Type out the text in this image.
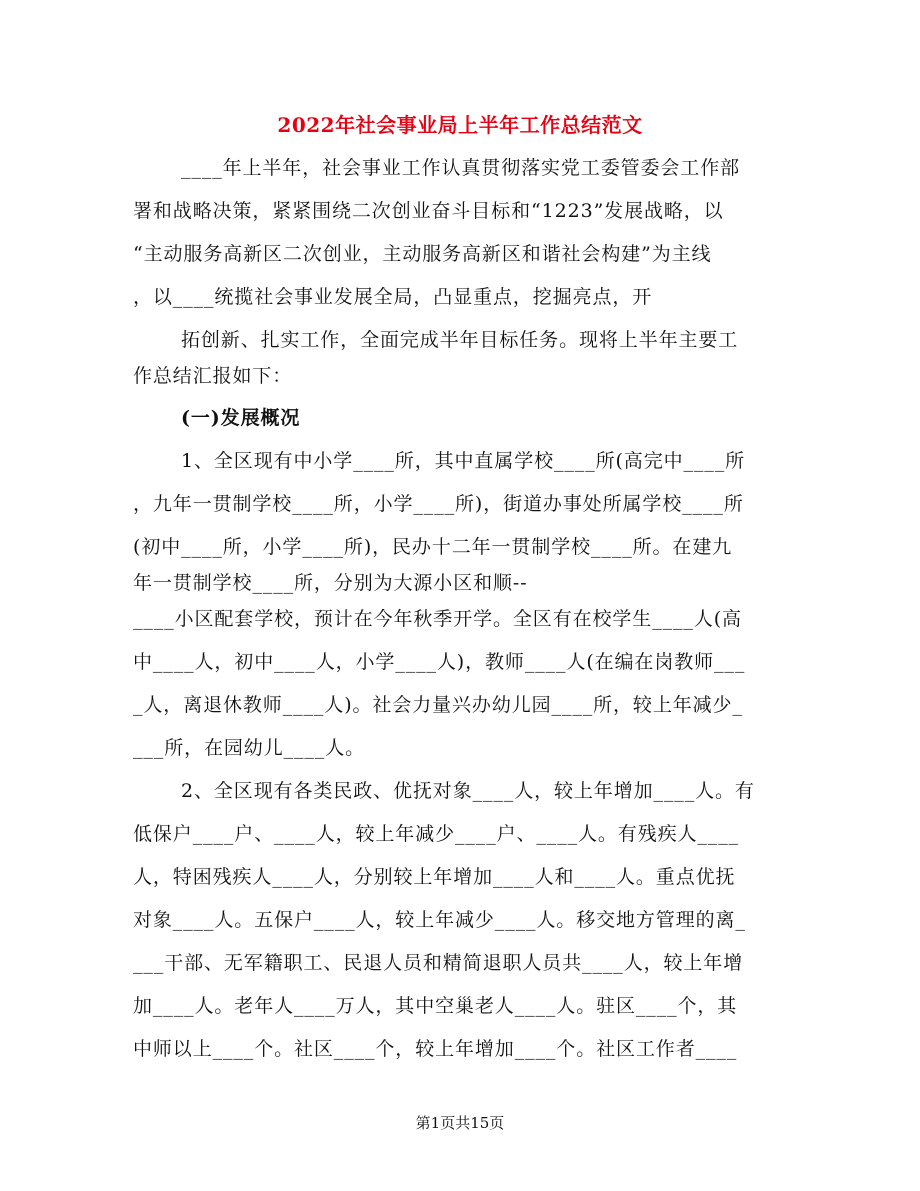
2022年社会事业局上半年工作总结范文
____年上半年，社会事业工作认真贯彻落实党工委管委会工作部
署和战略决策，紧紧围绕二次创业奋斗目标和“1223”发展战略，以
“主动服务高新区二次创业，主动服务高新区和谐社会构建”为主线
，以____统揽社会事业发展全局，凸显重点，挖掘亮点，开
拓创新、扎实工作，全面完成半年目标任务。现将上半年主要工
作总结汇报如下：
(一)发展概况
1、全区现有中小学____所，其中直属学校____所(高完中____所
，九年一贯制学校____所，小学____所)，街道办事处所属学校____所
(初中____所，小学____所)，民办十二年一贯制学校____所。在建九
年一贯制学校____所，分别为大源小区和顺--
____小区配套学校，预计在今年秋季开学。全区有在校学生____人(高
中____人，初中____人，小学____人)，教师____人(在编在岗教师___
_人，离退休教师____人)。社会力量兴办幼儿园____所，较上年减少_
___所，在园幼儿____人。
2、全区现有各类民政、优抚对象____人，较上年增加____人。有
低保户____户、____人，较上年减少____户、____人。有残疾人____
人，特困残疾人____人，分别较上年增加____人和____人。重点优抚
对象____人。五保户____人，较上年减少____人。移交地方管理的离_
___干部、无军籍职工、民退人员和精简退职人员共____人，较上年增
加____人。老年人____万人，其中空巢老人____人。驻区____个，其
中师以上____个。社区____个，较上年增加____个。社区工作者____
第1页共15页
